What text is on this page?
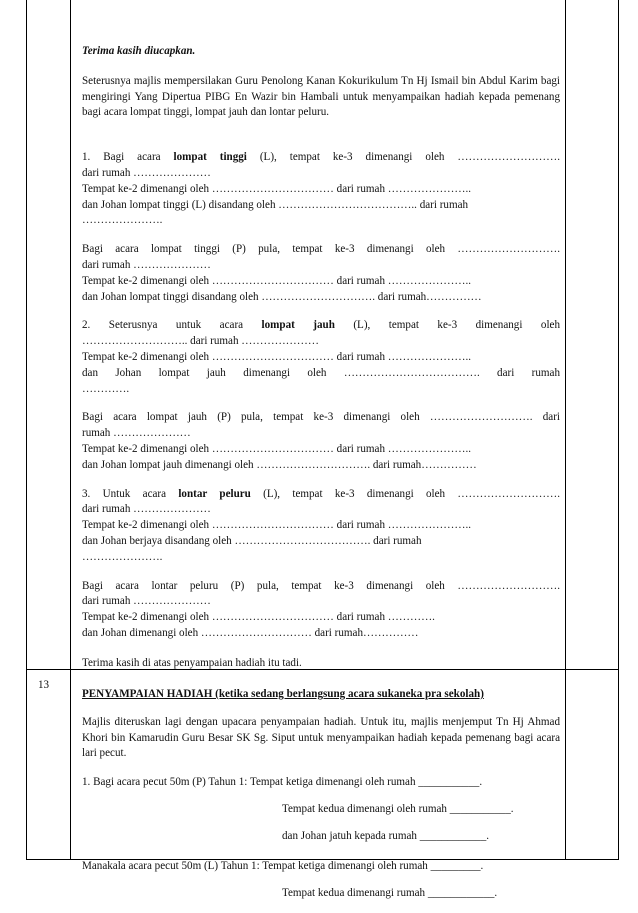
Terima kasih diucapkan.

Seterusnya majlis mempersilakan Guru Penolong Kanan Kokurikulum Tn Hj Ismail bin Abdul Karim bagi mengiringi Yang Dipertua PIBG En Wazir bin Hambali untuk menyampaikan hadiah kepada pemenang bagi acara lompat tinggi, lompat jauh dan lontar peluru.

1. Bagi acara lompat tinggi (L), tempat ke-3 dimenangi oleh ……………………….

dari rumah …………………

Tempat ke-2 dimenangi oleh …………………………… dari rumah …………………..

dan Johan lompat tinggi (L) disandang oleh ……………………………….. dari rumah

………………….

Bagi acara lompat tinggi (P) pula, tempat ke-3 dimenangi oleh ……………………….

dari rumah …………………

Tempat ke-2 dimenangi oleh …………………………… dari rumah …………………..

dan Johan lompat tinggi disandang oleh …………………………. dari rumah……………

2. Seterusnya untuk acara lompat jauh (L), tempat ke-3 dimenangi oleh

……………………….. dari rumah …………………

Tempat ke-2 dimenangi oleh …………………………… dari rumah …………………..

dan Johan lompat jauh dimenangi oleh ………………………………. dari rumah

………….

Bagi acara lompat jauh (P) pula, tempat ke-3 dimenangi oleh ………………………. dari

rumah …………………

Tempat ke-2 dimenangi oleh …………………………… dari rumah …………………..

dan Johan lompat jauh dimenangi oleh …………………………. dari rumah……………

3. Untuk acara lontar peluru (L), tempat ke-3 dimenangi oleh ……………………….

dari rumah …………………

Tempat ke-2 dimenangi oleh …………………………… dari rumah …………………..

dan Johan berjaya disandang oleh ………………………………. dari rumah

………………….

Bagi acara lontar peluru (P) pula, tempat ke-3 dimenangi oleh ……………………….

dari rumah …………………

Tempat ke-2 dimenangi oleh …………………………… dari rumah ………….

dan Johan dimenangi oleh ………………………… dari rumah……………

Terima kasih di atas penyampaian hadiah itu tadi.

13

PENYAMPAIAN HADIAH (ketika sedang berlangsung acara sukaneka pra sekolah)

Majlis diteruskan lagi dengan upacara penyampaian hadiah. Untuk itu, majlis menjemput Tn Hj Ahmad Khori bin Kamarudin Guru Besar SK Sg. Siput untuk menyampaikan hadiah kepada pemenang bagi acara lari pecut.

1. Bagi acara pecut 50m (P) Tahun 1: Tempat ketiga dimenangi oleh rumah ___________.

Tempat kedua dimenangi oleh rumah ___________.

dan Johan jatuh kepada rumah ____________.

Manakala acara pecut 50m (L) Tahun 1: Tempat ketiga dimenangi oleh rumah _________.

Tempat kedua dimenangi rumah ____________.
